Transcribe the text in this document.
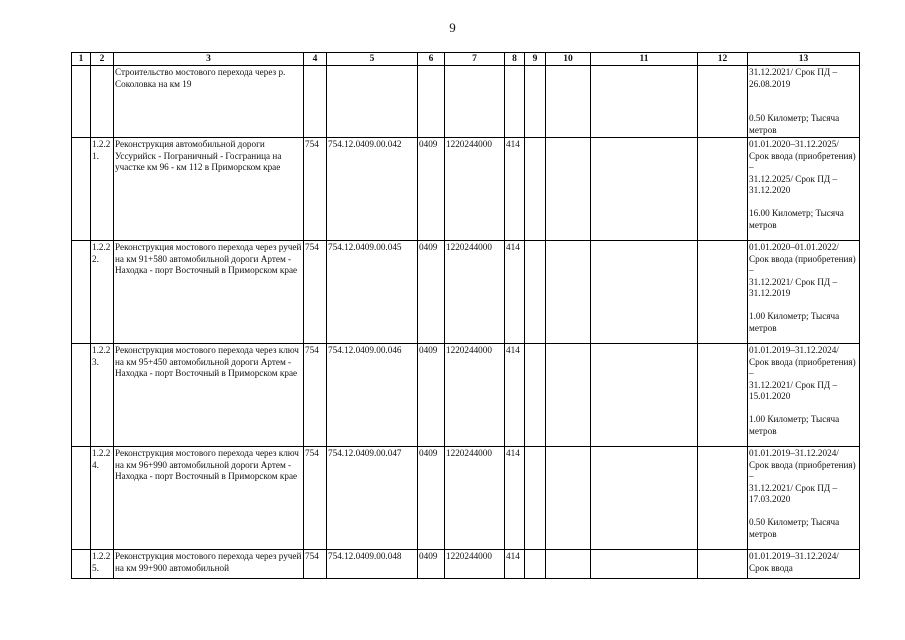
9
1	2	3	4	5	6	7	8	9	10	11	12	13
		Строительство мостового перехода через р. Соколовка на км 19										31.12.2021/ Срок ПД –
26.08.2019

0.50 Километр; Тысяча метров
	1.2.2 1.	Реконструкция автомобильной дороги Уссурийск - Пограничный - Госграница на участке км 96 - км 112 в Приморском крае	754	754.12.0409.00.042	0409	1220244000	414					01.01.2020–31.12.2025/ Срок ввода (приобретения) –
31.12.2025/ Срок ПД –
31.12.2020

16.00 Километр; Тысяча метров
	1.2.2 2.	Реконструкция мостового перехода через ручей на км 91+580 автомобильной дороги Артем - Находка - порт Восточный в Приморском крае	754	754.12.0409.00.045	0409	1220244000	414					01.01.2020–01.01.2022/ Срок ввода (приобретения) –
31.12.2021/ Срок ПД –
31.12.2019

1.00 Километр; Тысяча метров
	1.2.2 3.	Реконструкция мостового перехода через ключ на км 95+450 автомобильной дороги Артем - Находка - порт Восточный в Приморском крае	754	754.12.0409.00.046	0409	1220244000	414					01.01.2019–31.12.2024/ Срок ввода (приобретения) –
31.12.2021/ Срок ПД –
15.01.2020

1.00 Километр; Тысяча метров
	1.2.2 4.	Реконструкция мостового перехода через ключ на км 96+990 автомобильной дороги Артем - Находка - порт Восточный в Приморском крае	754	754.12.0409.00.047	0409	1220244000	414					01.01.2019–31.12.2024/ Срок ввода (приобретения) –
31.12.2021/ Срок ПД –
17.03.2020

0.50 Километр; Тысяча метров
	1.2.2 5.	Реконструкция мостового перехода через ручей на км 99+900 автомобильной	754	754.12.0409.00.048	0409	1220244000	414					01.01.2019–31.12.2024/ Срок ввода
